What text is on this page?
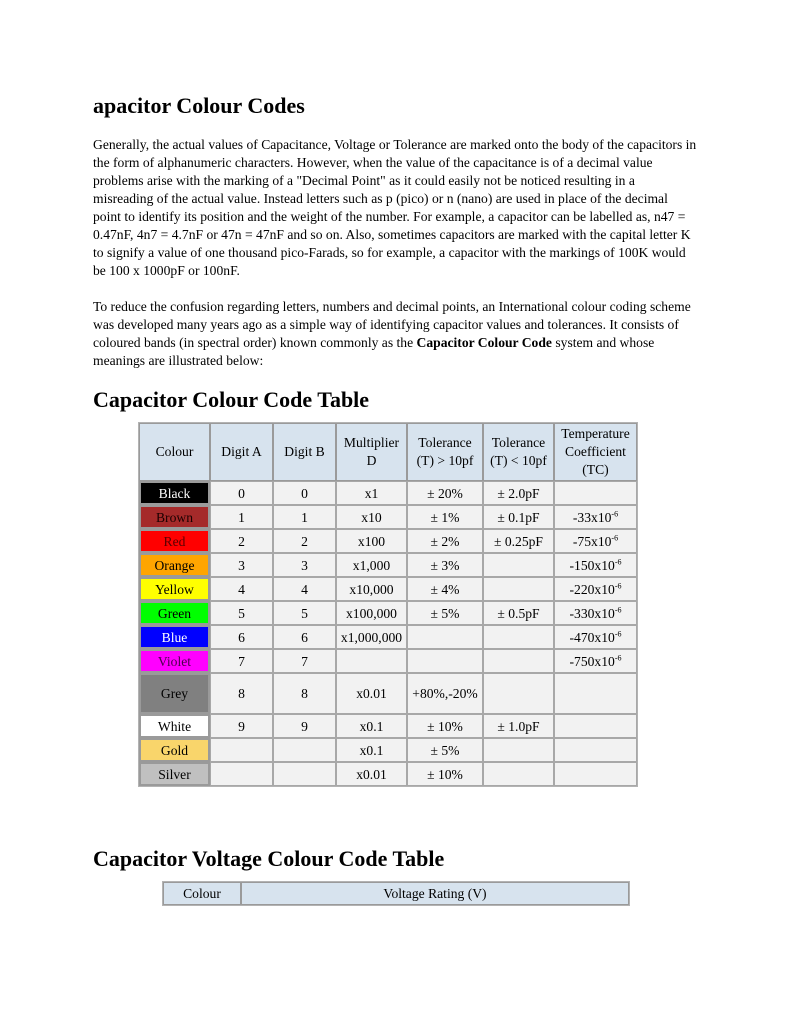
apacitor Colour Codes

Generally, the actual values of Capacitance, Voltage or Tolerance are marked onto the body of the capacitors in the form of alphanumeric characters. However, when the value of the capacitance is of a decimal value problems arise with the marking of a "Decimal Point" as it could easily not be noticed resulting in a misreading of the actual value. Instead letters such as p (pico) or n (nano) are used in place of the decimal point to identify its position and the weight of the number. For example, a capacitor can be labelled as, n47 = 0.47nF, 4n7 = 4.7nF or 47n = 47nF and so on. Also, sometimes capacitors are marked with the capital letter K to signify a value of one thousand pico-Farads, so for example, a capacitor with the markings of 100K would be 100 x 1000pF or 100nF.

To reduce the confusion regarding letters, numbers and decimal points, an International colour coding scheme was developed many years ago as a simple way of identifying capacitor values and tolerances. It consists of coloured bands (in spectral order) known commonly as the Capacitor Colour Code system and whose meanings are illustrated below:

Capacitor Colour Code Table
Colour	Digit A	Digit B	Multiplier D	Tolerance (T) > 10pf	Tolerance (T) < 10pf	Temperature Coefficient (TC)
Black	0	0	x1	± 20%	± 2.0pF	
Brown	1	1	x10	± 1%	± 0.1pF	$-33x10^{-6}$
Red	2	2	x100	± 2%	± 0.25pF	$-75x10^{-6}$
Orange	3	3	x1,000	± 3%		$-150x10^{-6}$
Yellow	4	4	x10,000	± 4%		$-220x10^{-6}$
Green	5	5	x100,000	± 5%	± 0.5pF	$-330x10^{-6}$
Blue	6	6	x1,000,000			$-470x10^{-6}$
Violet	7	7				$-750x10^{-6}$
Grey	8	8	x0.01	+80%,-20%		
White	9	9	x0.1	± 10%	± 1.0pF	
Gold			x0.1	± 5%		
Silver			x0.01	± 10%		
Capacitor Voltage Colour Code Table
Colour	Voltage Rating (V)
